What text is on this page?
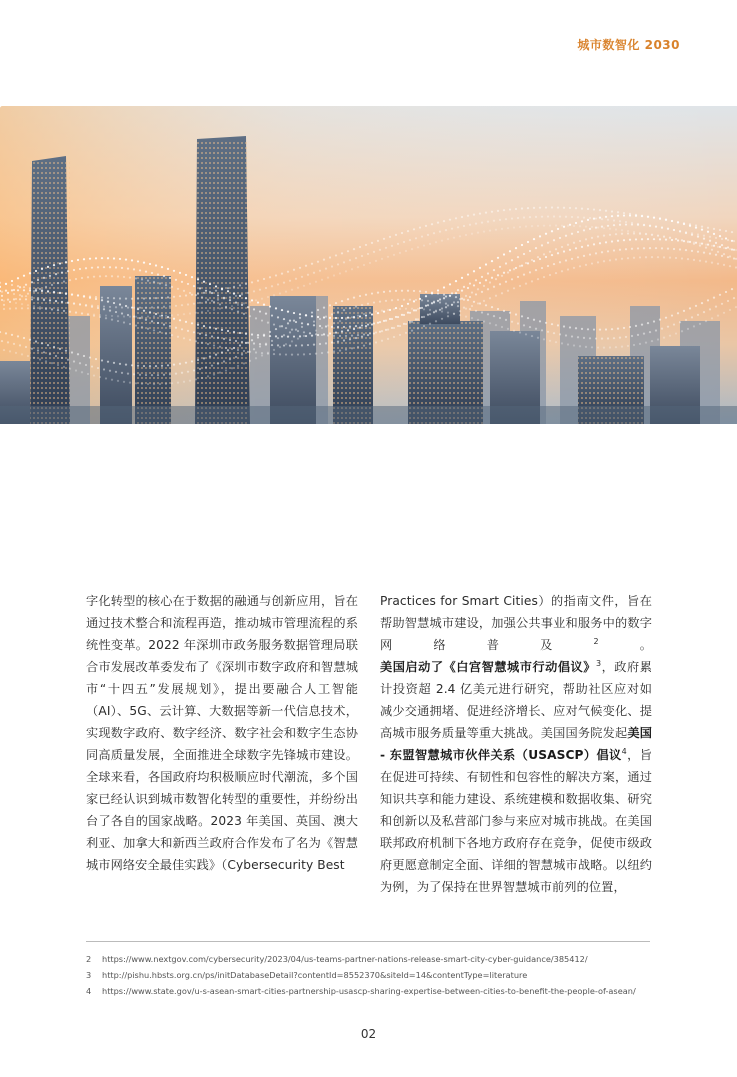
城市数智化 2030
字化转型的核心在于数据的融通与创新应用，旨在通过技术整合和流程再造，推动城市管理流程的系统性变革。2022 年深圳市政务服务数据管理局联合市发展改革委发布了《深圳市数字政府和智慧城市“十四五”发展规划》，提出要融合人工智能（AI）、5G、云计算、大数据等新一代信息技术，实现数字政府、数字经济、数字社会和数字生态协同高质量发展，全面推进全球数字先锋城市建设。全球来看，各国政府均积极顺应时代潮流，多个国家已经认识到城市数智化转型的重要性，并纷纷出台了各自的国家战略。2023 年美国、英国、澳大利亚、加拿大和新西兰政府合作发布了名为《智慧城市网络安全最佳实践》（Cybersecurity Best
Practices for Smart Cities）的指南文件，旨在帮助智慧城市建设，加强公共事业和服务中的数字网络普及$^2$。美国启动了《白宫智慧城市行动倡议》$^3$，政府累计投资超 2.4 亿美元进行研究，帮助社区应对如减少交通拥堵、促进经济增长、应对气候变化、提高城市服务质量等重大挑战。美国国务院发起美国 - 东盟智慧城市伙伴关系（USASCP）倡议$^4$，旨在促进可持续、有韧性和包容性的解决方案，通过知识共享和能力建设、系统建模和数据收集、研究和创新以及私营部门参与来应对城市挑战。在美国联邦政府机制下各地方政府存在竞争，促使市级政府更愿意制定全面、详细的智慧城市战略。以纽约为例，为了保持在世界智慧城市前列的位置，
2 https://www.nextgov.com/cybersecurity/2023/04/us-teams-partner-nations-release-smart-city-cyber-guidance/385412/
3 http://pishu.hbsts.org.cn/ps/initDatabaseDetail?contentId=8552370&siteId=14&contentType=literature
4 https://www.state.gov/u-s-asean-smart-cities-partnership-usascp-sharing-expertise-between-cities-to-benefit-the-people-of-asean/
02
